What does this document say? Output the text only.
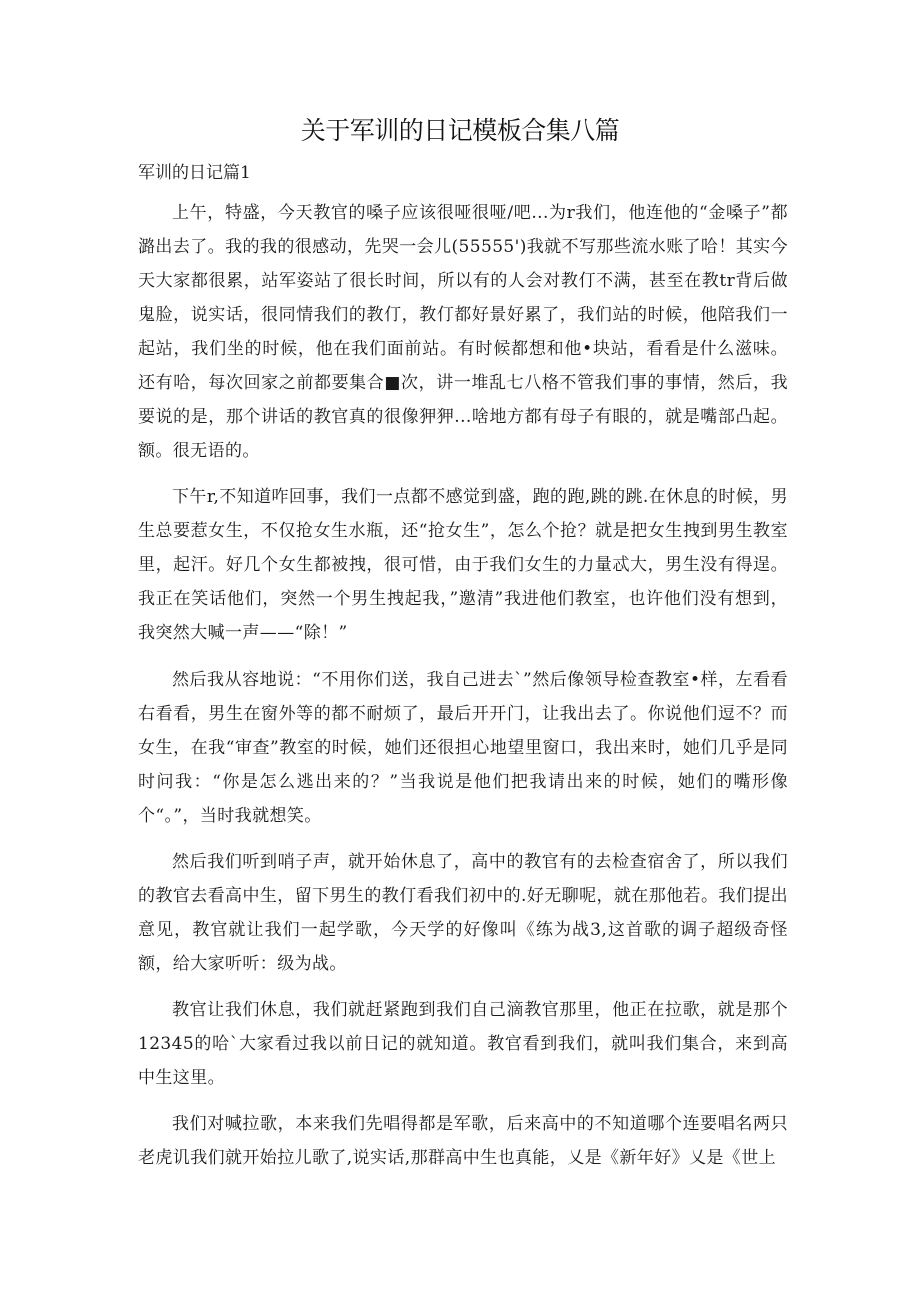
关于军训的日记模板合集八篇
军训的日记篇1

上午，特盛，今天教官的嗓子应该很哑很哑/吧...为r我们，他连他的“金嗓子”都潞出去了。我的我的很感动，先哭一会儿(55555')我就不写那些流水账了哈！其实今天大家都很累，站军姿站了很长时间，所以有的人会对教仃不满，甚至在教tr背后做鬼脸，说实话，很同情我们的教仃，教仃都好景好累了，我们站的时候，他陪我们一起站，我们坐的时候，他在我们面前站。有时候都想和他•块站，看看是什么滋味。还有哈，每次回家之前都要集合■次，讲一堆乱七八格不管我们事的事情，然后，我要说的是，那个讲话的教官真的很像狎狎...啥地方都有母子有眼的，就是嘴部凸起。额。很无语的。

下午r,不知道咋回事，我们一点都不感觉到盛，跑的跑,跳的跳.在休息的时候，男生总要惹女生，不仅抢女生水瓶，还“抢女生”，怎么个抢？就是把女生拽到男生教室里，起汗。好几个女生都被拽，很可惜，由于我们女生的力量忒大，男生没有得逞。我正在笑话他们，突然一个男生拽起我，”邀清”我进他们教室，也许他们没有想到，我突然大喊一声——“除！”

然后我从容地说：“不用你们送，我自己进去`”然后像领导检查教室•样，左看看右看看，男生在窗外等的都不耐烦了，最后开开门，让我出去了。你说他们逗不？而女生，在我“审查”教室的时候，她们还很担心地望里窗口，我出来时，她们几乎是同时问我：“你是怎么逃出来的？”当我说是他们把我请出来的时候，她们的嘴形像个“。”，当时我就想笑。

然后我们听到哨子声，就开始休息了，高中的教官有的去检查宿舍了，所以我们的教官去看高中生，留下男生的教仃看我们初中的.好无聊呢，就在那他若。我们提出意见，教官就让我们一起学歌，今天学的好像叫《练为战3,这首歌的调子超级奇怪额，给大家听听：级为战。

教官让我们休息，我们就赶紧跑到我们自己滴教官那里，他正在拉歌，就是那个12345的哈`大家看过我以前日记的就知道。教官看到我们，就叫我们集合，来到高中生这里。

我们对喊拉歌，本来我们先唱得都是军歌，后来高中的不知道哪个连要唱名两只老虎讥我们就开始拉儿歌了,说实话,那群高中生也真能，乂是《新年好》乂是《世上
